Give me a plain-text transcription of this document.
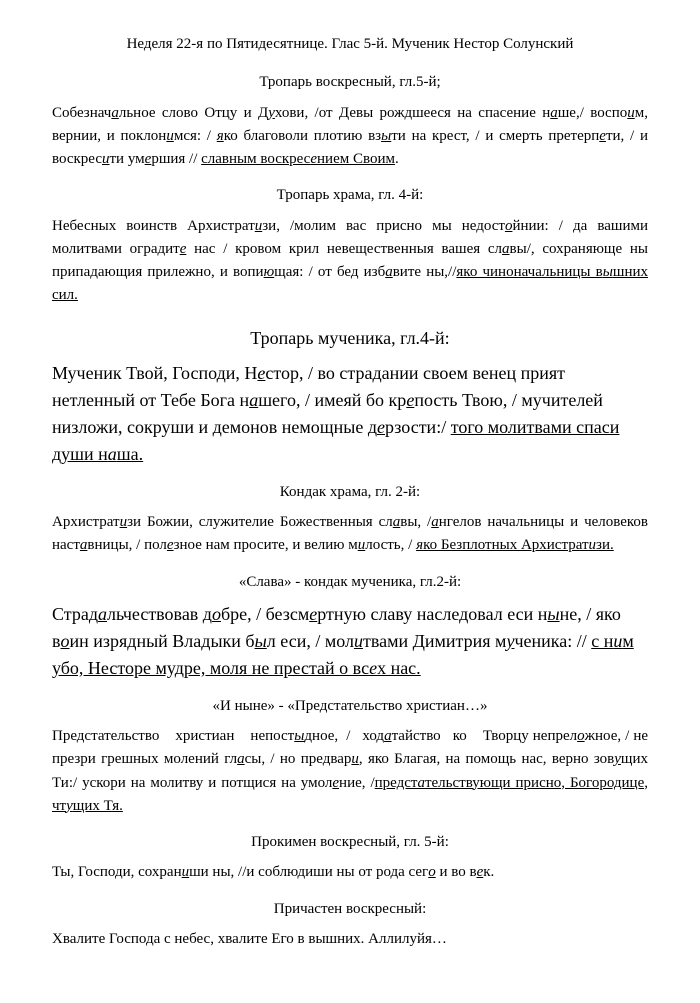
Неделя 22-я по Пятидесятнице. Глас 5-й. Мученик Нестор Солунский
Тропарь воскресный, гл.5-й;
Собезначальное слово Отцу и Духови, /от Девы рождшееся на спасение наше,/ воспоим, вернии, и поклонимся: / яко благоволи плотию взыти на крест, / и смерть претерпети, / и воскресити умершия // славным воскресением Своим.
Тропарь храма, гл. 4-й:
Небесных воинств Архистратизи, /молим вас присно мы недостойнии: / да вашими молитвами оградите нас / кровом крил невещественныя вашея славы/, сохраняюще ны припадающия прилежно, и вопиющая: / от бед избавите ны,//яко чиноначальницы вышних сил.
Тропарь мученика, гл.4-й:
Мученик Твой, Господи, Нестор, / во страдании своем венец прият нетленный от Тебе Бога нашего, / имеяй бо крепость Твою, / мучителей низложи, сокруши и демонов немощные дерзости:/ того молитвами спаси души наша.
Кондак храма, гл. 2-й:
Архистратизи Божии, служителие Божественныя славы, /ангелов начальницы и человеков наставницы, / полезное нам просите, и велию милость, / яко Безплотных Архистратизи.
«Слава» - кондак мученика, гл.2-й:
Страдальчествовав добре, / безсмертную славу наследовал еси ныне, / яко воин изрядный Владыки был еси, / молитвами Димитрия мученика: // с ним убо, Несторе мудре, моля не престай о всех нас.
«И ныне» - «Предстательство христиан…»
Предстательство    христиан    непостыдное,  /   ходатайство   ко    Творцу непреложное, / не презри грешных молений гласы, / но предвари, яко Благая, на помощь нас, верно зовущих Ти:/ ускори на молитву и потщися на умоление, /предстательствующи присно, Богородице, чтущих Тя.
Прокимен воскресный, гл. 5-й:
Ты, Господи, сохраниши ны, //и соблюдиши ны от рода сего и во век.
Причастен воскресный:
Хвалите Господа с небес, хвалите Его в вышних. Аллилуйя…
